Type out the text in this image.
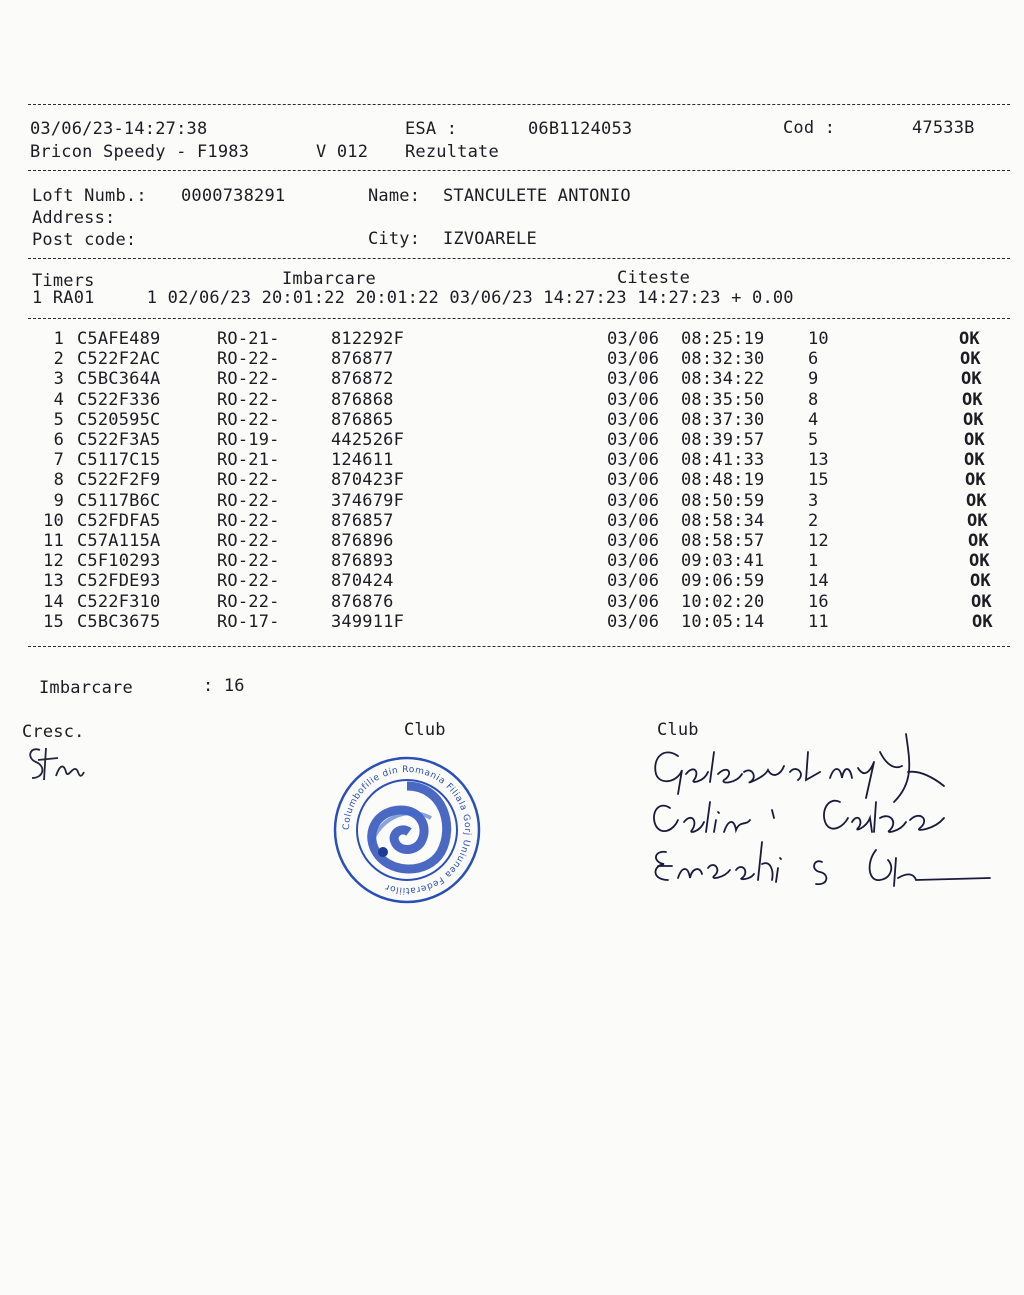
03/06/23-14:27:38	ESA :	06B1124053	Cod :	47533B
Bricon Speedy - F1983	V 012 Rezultate
Loft Numb.: 0000738291	Name: STANCULETE ANTONIO
Address:
Post code:	City: IZVOARELE
Timers	Imbarcare	Citeste
1 RA01     1 02/06/23 20:01:22 20:01:22 03/06/23 14:27:23 14:27:23 + 0.00
1 C5AFE489	RO-21-	812292F	03/06 08:25:19	10	OK
2 C522F2AC	RO-22-	876877	03/06 08:32:30	6	OK
3 C5BC364A	RO-22-	876872	03/06 08:34:22	9	OK
4 C522F336	RO-22-	876868	03/06 08:35:50	8	OK
5 C520595C	RO-22-	876865	03/06 08:37:30	4	OK
6 C522F3A5	RO-19-	442526F	03/06 08:39:57	5	OK
7 C5117C15	RO-21-	124611	03/06 08:41:33	13	OK
8 C522F2F9	RO-22-	870423F	03/06 08:48:19	15	OK
9 C5117B6C	RO-22-	374679F	03/06 08:50:59	3	OK
10 C52FDFA5	RO-22-	876857	03/06 08:58:34	2	OK
11 C57A115A	RO-22-	876896	03/06 08:58:57	12	OK
12 C5F10293	RO-22-	876893	03/06 09:03:41	1	OK
13 C52FDE93	RO-22-	870424	03/06 09:06:59	14	OK
14 C522F310	RO-22-	876876	03/06 10:02:20	16	OK
15 C5BC3675	RO-17-	349911F	03/06 10:05:14	11	OK
Imbarcare	: 16
Cresc.	Club	Club
Columbofilie din Romania Filiala Gorj Uniunea Federatiilor
